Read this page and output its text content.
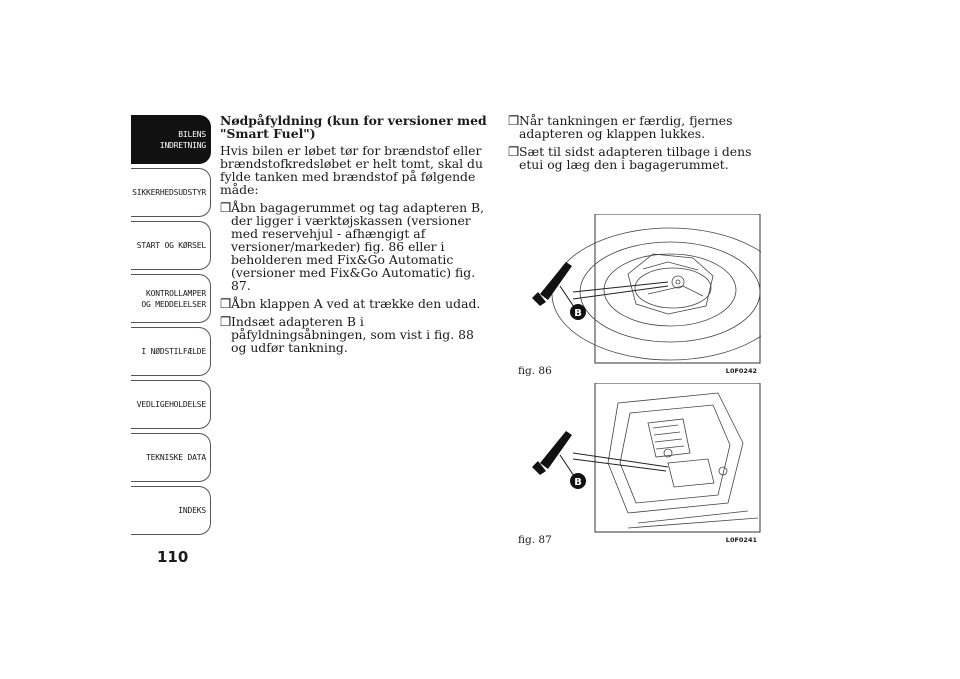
BILENS
INDRETNING
SIKKERHEDSUDSTYR
START OG KØRSEL
KONTROLLAMPER
OG MEDDELELSER
I NØDSTILFÆLDE
VEDLIGEHOLDELSE
TEKNISKE DATA
INDEKS
110
Nødpåfyldning (kun for versioner med "Smart Fuel")

Hvis bilen er løbet tør for brændstof eller brændstofkredsløbet er helt tomt, skal du fylde tanken med brændstof på følgende måde:

❒ Åbn bagagerummet og tag adapteren B, der ligger i værktøjskassen (versioner med reservehjul - afhængigt af versioner/markeder) fig. 86 eller i beholderen med Fix&Go Automatic (versioner med Fix&Go Automatic) fig. 87.
❒ Åbn klappen A ved at trække den udad.
❒ Indsæt adapteren B i påfyldningsåbningen, som vist i fig. 88 og udfør tankning.
❒ Når tankningen er færdig, fjernes adapteren og klappen lukkes.
❒ Sæt til sidst adapteren tilbage i dens etui og læg den i bagagerummet.
B
fig. 86	L0F0242
B
fig. 87	L0F0241
